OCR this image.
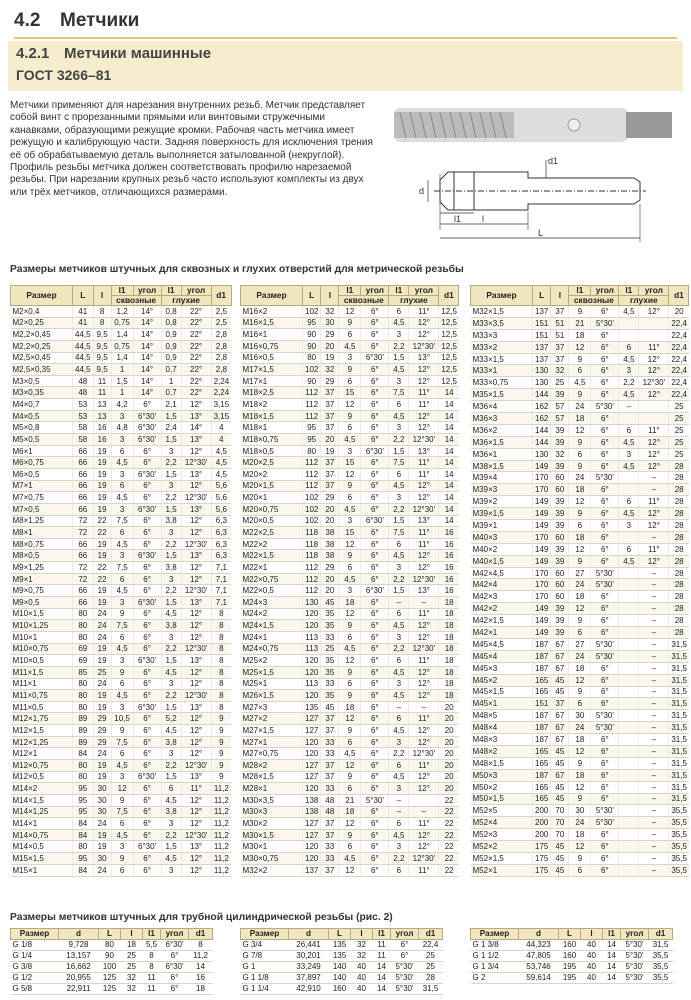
4.2 Метчики
4.2.1 Метчики машинные
ГОСТ 3266–81

Метчики применяют для нарезания внутренних резьб. Метчик представляет собой винт с прорезанными прямыми или винтовыми стружечными канавками, образующими режущие кромки. Рабочая часть метчика имеет режущую и калибрующую части. Задняя поверхность для исключения трения её об обрабатываемую деталь выполняется затылованной (некруглой). Профиль резьбы метчика должен соответствовать профилю нарезаемой резьбы. При нарезании крупных резьб часто используют комплекты из двух или трёх метчиков, отличающихся размерами.

d1
d
l1 l
L
Размеры метчиков штучных для сквозных и глухих отверстий для метрической резьбы
Размер	L	l	l1	угол	l1	угол	d1
			сквозные		глухие		
M2×0,4	41	8	1,2	14°	0,8	22°	2,5
M2×0,25	41	8	0,75	14°	0,8	22°	2,5
M2,2×0,45	44,5	9,5	1,4	14°	0,9	22°	2,8
M2,2×0,25	44,5	9,5	0,75	14°	0,9	22°	2,8
M2,5×0,45	44,5	9,5	1,4	14°	0,9	22°	2,8
M2,5×0,35	44,5	9,5	1	14°	0,7	22°	2,8
M3×0,5	48	11	1,5	14°	1	22°	2,24
M3×0,35	48	11	1	14°	0,7	22°	2,24
M4×0,7	53	13	4,2	6°	2,1	12°	3,15
M4×0,5	53	13	3	6°30'	1,5	13°	3,15
M5×0,8	58	16	4,8	6°30'	2,4	14°	4
M5×0,5	58	16	3	6°30'	1,5	13°	4
M6×1	66	19	6	6°	3	12°	4,5
M6×0,75	66	19	4,5	6°	2,2	12°30'	4,5
M6×0,5	66	19	3	6°30'	1,5	13°	4,5
M7×1	66	19	6	6°	3	12°	5,6
M7×0,75	66	19	4,5	6°	2,2	12°30'	5,6
M7×0,5	66	19	3	6°30'	1,5	13°	5,6
M8×1,25	72	22	7,5	6°	3,8	12°	6,3
M8×1	72	22	6	6°	3	12°	6,3
M8×0,75	66	19	4,5	6°	2,2	12°30'	6,3
M8×0,5	66	19	3	6°30'	1,5	13°	6,3
M9×1,25	72	22	7,5	6°	3,8	12°	7,1
M9×1	72	22	6	6°	3	12°	7,1
M9×0,75	66	19	4,5	6°	2,2	12°30'	7,1
M9×0,5	66	19	3	6°30'	1,5	13°	7,1
M10×1,5	80	24	9	6°	4,5	12°	8
M10×1,25	80	24	7,5	6°	3,8	12°	8
M10×1	80	24	6	6°	3	12°	8
M10×0,75	69	19	4,5	6°	2,2	12°30'	8
M10×0,5	69	19	3	6°30'	1,5	13°	8
M11×1,5	85	25	9	6°	4,5	12°	8
M11×1	80	24	6	6°	3	12°	8
M11×0,75	80	19	4,5	6°	2,2	12°30'	8
M11×0,5	80	19	3	6°30'	1,5	13°	8
M12×1,75	89	29	10,5	6°	5,2	12°	9
M12×1,5	89	29	9	6°	4,5	12°	9
M12×1,25	89	29	7,5	6°	3,8	12°	9
M12×1	84	24	6	6°	3	12°	9
M12×0,75	80	19	4,5	6°	2,2	12°30'	9
M12×0,5	80	19	3	6°30'	1,5	13°	9
M14×2	95	30	12	6°	6	11°	11,2
M14×1,5	95	30	9	6°	4,5	12°	11,2
M14×1,25	95	30	7,5	6°	3,8	12°	11,2
M14×1	84	24	6	6°	3	12°	11,2
M14×0,75	84	19	4,5	6°	2,2	12°30'	11,2
M14×0,5	80	19	3	6°30'	1,5	13°	11,2
M15×1,5	95	30	9	6°	4,5	12°	11,2
M15×1	84	24	6	6°	3	12°	11,2
Размер	L	l	l1	угол	l1	угол	d1
			сквозные		глухие		
M16×2	102	32	12	6°	6	11°	12,5
M16×1,5	95	30	9	6°	4,5	12°	12,5
M16×1	90	29	6	6°	3	12°	12,5
M16×0,75	90	20	4,5	6°	2,2	12°30'	12,5
M16×0,5	80	19	3	6°30'	1,5	13°	12,5
M17×1,5	102	32	9	6°	4,5	12°	12,5
M17×1	90	29	6	6°	3	12°	12,5
M18×2,5	112	37	15	6°	7,5	11°	14
M18×2	112	37	12	6°	6	11°	14
M18×1,5	112	37	9	6°	4,5	12°	14
M18×1	95	37	6	6°	3	12°	14
M18×0,75	95	20	4,5	6°	2,2	12°30'	14
M18×0,5	80	19	3	6°30'	1,5	13°	14
M20×2,5	112	37	15	6°	7,5	11°	14
M20×2	112	37	12	6°	6	11°	14
M20×1,5	112	37	9	6°	4,5	12°	14
M20×1	102	29	6	6°	3	12°	14
M20×0,75	102	20	4,5	6°	2,2	12°30'	14
M20×0,5	102	20	3	6°30'	1,5	13°	14
M22×2,5	118	38	15	6°	7,5	11°	16
M22×2	118	38	12	6°	6	11°	16
M22×1,5	118	38	9	6°	4,5	12°	16
M22×1	112	29	6	6°	3	12°	16
M22×0,75	112	20	4,5	6°	2,2	12°30'	16
M22×0,5	112	20	3	6°30'	1,5	13°	16
M24×3	130	45	18	6°	–	–	18
M24×2	120	35	12	6°	6	11°	18
M24×1,5	120	35	9	6°	4,5	12°	18
M24×1	113	33	6	6°	3	12°	18
M24×0,75	113	25	4,5	6°	2,2	12°30'	18
M25×2	120	35	12	6°	6	11°	18
M25×1,5	120	35	9	6°	4,5	12°	18
M25×1	113	33	6	6°	3	12°	18
M26×1,5	120	35	9	6°	4,5	12°	18
M27×3	135	45	18	6°	–	–	20
M27×2	127	37	12	6°	6	11°	20
M27×1,5	127	37	9	6°	4,5	12°	20
M27×1	120	33	6	6°	3	12°	20
M27×0,75	120	33	4,5	6°	2,2	12°30'	20
M28×2	127	37	12	6°	6	11°	20
M28×1,5	127	37	9	6°	4,5	12°	20
M28×1	120	33	6	6°	3	12°	20
M30×3,5	138	48	21	5°30'	–		22
M30×3	138	48	18	6°	–	–	22
M30×2	127	37	12	6°	6	11°	22
M30×1,5	127	37	9	6°	4,5	12°	22
M30×1	120	33	6	6°	3	12°	22
M30×0,75	120	33	4,5	6°	2,2	12°30'	22
M32×2	137	37	12	6°	6	11°	22
Размер	L	l	l1	угол	l1	угол	d1
			сквозные		глухие		
M32×1,5	137	37	9	6°	4,5	12°	20
M33×3,5	151	51	21	5°30'			22,4
M33×3	151	51	18	6°			22,4
M33×2	137	37	12	6°	6	11°	22,4
M33×1,5	137	37	9	6°	4,5	12°	22,4
M33×1	130	32	6	6°	3	12°	22,4
M33×0,75	130	25	4,5	6°	2,2	12°30'	22,4
M35×1,5	144	39	9	6°	4,5	12°	22,4
M36×4	162	57	24	5°30'	–		25
M36×3	162	57	18	6°			25
M36×2	144	39	12	6°	6	11°	25
M36×1,5	144	39	9	6°	4,5	12°	25
M36×1	130	32	6	6°	3	12°	25
M38×1,5	149	39	9	6°	4,5	12°	28
M39×4	170	60	24	5°30'		–	28
M39×3	170	60	18	6°		–	28
M39×2	149	39	12	6°	6	11°	28
M39×1,5	149	39	9	6°	4,5	12°	28
M39×1	149	39	6	6°	3	12°	28
M40×3	170	60	18	6°		–	28
M40×2	149	39	12	6°	6	11°	28
M40×1,5	149	39	9	6°	4,5	12°	28
M42×4,5	170	60	27	5°30'		–	28
M42×4	170	60	24	5°30'		–	28
M42×3	170	60	18	6°		–	28
M42×2	149	39	12	6°		–	28
M42×1,5	149	39	9	6°		–	28
M42×1	149	39	6	6°		–	28
M45×4,5	187	67	27	5°30'		–	31,5
M45×4	187	67	24	5°30'		–	31,5
M45×3	187	67	18	6°		–	31,5
M45×2	165	45	12	6°		–	31,5
M45×1,5	165	45	9	6°		–	31,5
M45×1	151	37	6	6°		–	31,5
M48×5	187	67	30	5°30'		–	31,5
M48×4	187	67	24	5°30'		–	31,5
M48×3	187	67	18	6°		–	31,5
M48×2	165	45	12	6°		–	31,5
M48×1,5	165	45	9	6°		–	31,5
M50×3	187	67	18	6°		–	31,5
M50×2	165	45	12	6°		–	31,5
M50×1,5	165	45	9	6°		–	31,5
M52×5	200	70	30	5°30'		–	35,5
M52×4	200	70	24	5°30'		–	35,5
M52×3	200	70	18	6°		–	35,5
M52×2	175	45	12	6°		–	35,5
M52×1,5	175	45	9	6°		–	35,5
M52×1	175	45	6	6°		–	35,5
Размеры метчиков штучных для трубной цилиндрической резьбы (рис. 2)
Размер	d	L	l	l1	угол	d1
G 1/8	9,728	80	18	5,5	6°30'	8
G 1/4	13,157	90	25	8	6°	11,2
G 3/8	16,662	100	25	8	6°30'	14
G 1/2	20,955	125	32	11	6°	16
G 5/8	22,911	125	32	11	6°	18
Размер	d	L	l	l1	угол	d1
G 3/4	26,441	135	32	11	6°	22,4
G 7/8	30,201	135	32	11	6°	25
G 1	33,249	140	40	14	5°30'	25
G 1 1/8	37,897	140	40	14	5°30'	28
G 1 1/4	42,910	160	40	14	5°30'	31,5
Размер	d	L	l	l1	угол	d1
G 1 3/8	44,323	160	40	14	5°30'	31,5
G 1 1/2	47,805	160	40	14	5°30'	35,5
G 1 3/4	53,746	195	40	14	5°30'	35,5
G 2	59,614	195	40	14	5°30'	35,5
